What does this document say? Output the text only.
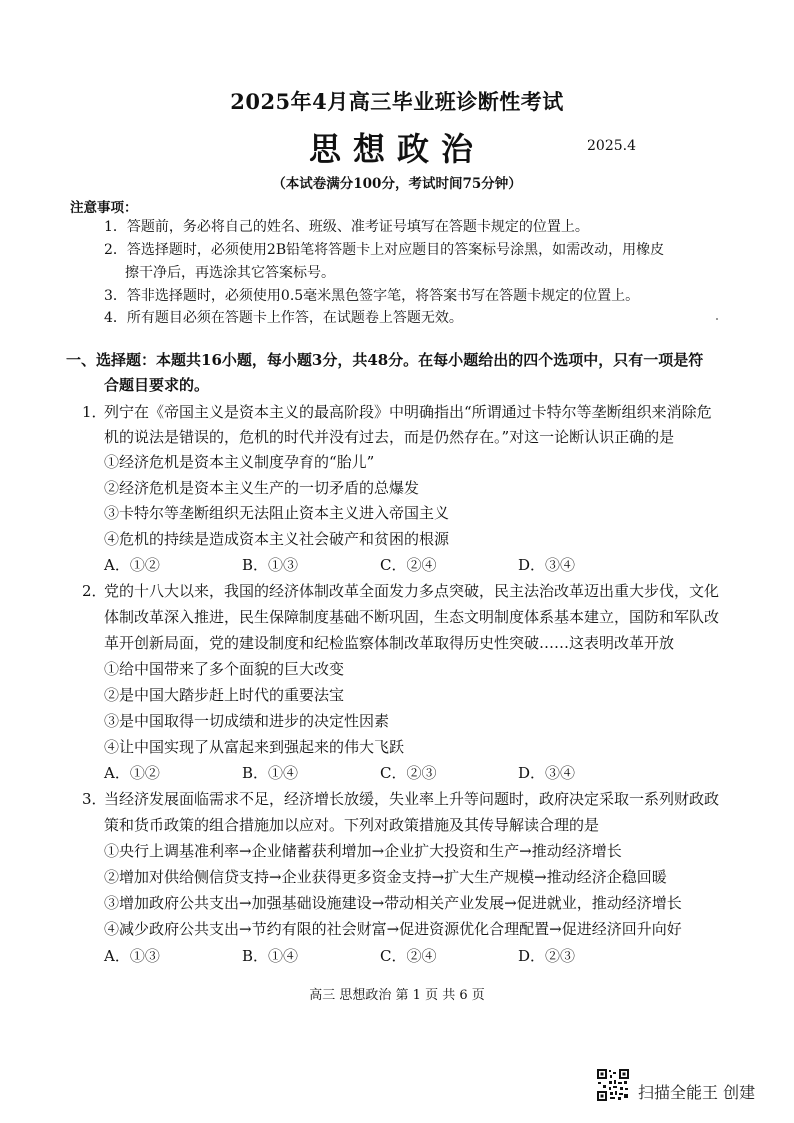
2025年4月高三毕业班诊断性考试
思想政治	2025.4
（本试卷满分100分，考试时间75分钟）
注意事项：
1．答题前，务必将自己的姓名、班级、准考证号填写在答题卡规定的位置上。
2．答选择题时，必须使用2B铅笔将答题卡上对应题目的答案标号涂黑，如需改动，用橡皮
擦干净后，再选涂其它答案标号。
3．答非选择题时，必须使用0.5毫米黑色签字笔，将答案书写在答题卡规定的位置上。
4．所有题目必须在答题卡上作答，在试题卷上答题无效。
一、选择题：本题共16小题，每小题3分，共48分。在每小题给出的四个选项中，只有一项是符
合题目要求的。
1．
列宁在《帝国主义是资本主义的最高阶段》中明确指出“所谓通过卡特尔等垄断组织来消除危
机的说法是错误的，危机的时代并没有过去，而是仍然存在。”对这一论断认识正确的是
①经济危机是资本主义制度孕育的“胎儿”
②经济危机是资本主义生产的一切矛盾的总爆发
③卡特尔等垄断组织无法阻止资本主义进入帝国主义
④危机的持续是造成资本主义社会破产和贫困的根源
A．①②	B．①③	C．②④	D．③④
2．
党的十八大以来，我国的经济体制改革全面发力多点突破，民主法治改革迈出重大步伐，文化
体制改革深入推进，民生保障制度基础不断巩固，生态文明制度体系基本建立，国防和军队改
革开创新局面，党的建设制度和纪检监察体制改革取得历史性突破……这表明改革开放
①给中国带来了多个面貌的巨大改变
②是中国大踏步赶上时代的重要法宝
③是中国取得一切成绩和进步的决定性因素
④让中国实现了从富起来到强起来的伟大飞跃
A．①②	B．①④	C．②③	D．③④
3．
当经济发展面临需求不足，经济增长放缓，失业率上升等问题时，政府决定采取一系列财政政
策和货币政策的组合措施加以应对。下列对政策措施及其传导解读合理的是
①央行上调基准利率→企业储蓄获利增加→企业扩大投资和生产→推动经济增长
②增加对供给侧信贷支持→企业获得更多资金支持→扩大生产规模→推动经济企稳回暖
③增加政府公共支出→加强基础设施建设→带动相关产业发展→促进就业，推动经济增长
④减少政府公共支出→节约有限的社会财富→促进资源优化合理配置→促进经济回升向好
A．①③	B．①④	C．②④	D．②③
高三 思想政治 第 1 页 共 6 页
扫描全能王 创建
